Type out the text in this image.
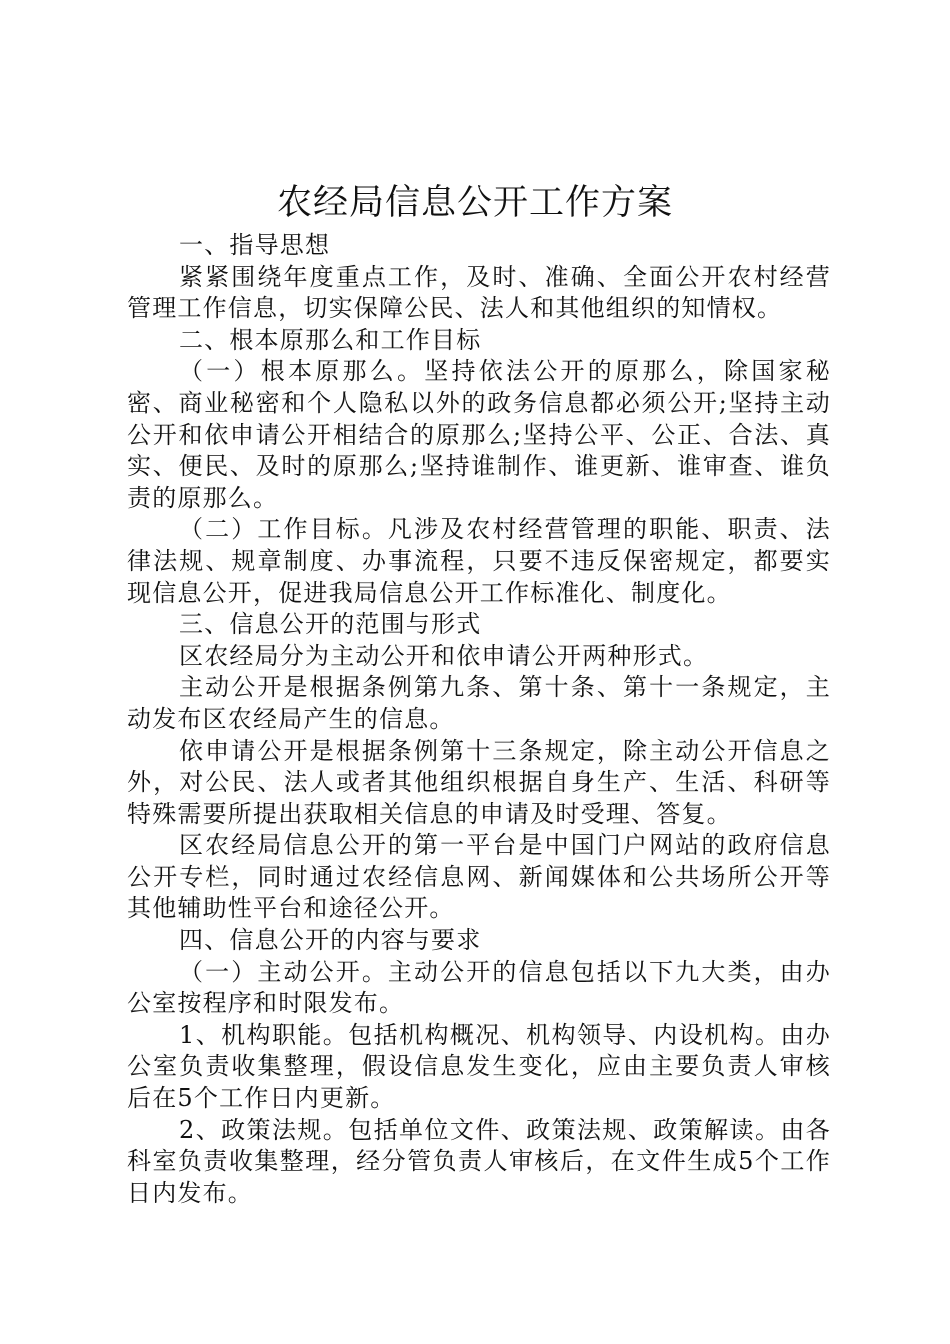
农经局信息公开工作方案

一、指导思想

紧紧围绕年度重点工作，及时、准确、全面公开农村经营管理工作信息，切实保障公民、法人和其他组织的知情权。

二、根本原那么和工作目标

（一）根本原那么。坚持依法公开的原那么，除国家秘密、商业秘密和个人隐私以外的政务信息都必须公开;坚持主动公开和依申请公开相结合的原那么;坚持公平、公正、合法、真实、便民、及时的原那么;坚持谁制作、谁更新、谁审查、谁负责的原那么。

（二）工作目标。凡涉及农村经营管理的职能、职责、法律法规、规章制度、办事流程，只要不违反保密规定，都要实现信息公开，促进我局信息公开工作标准化、制度化。

三、信息公开的范围与形式

区农经局分为主动公开和依申请公开两种形式。

主动公开是根据条例第九条、第十条、第十一条规定，主动发布区农经局产生的信息。

依申请公开是根据条例第十三条规定，除主动公开信息之外，对公民、法人或者其他组织根据自身生产、生活、科研等特殊需要所提出获取相关信息的申请及时受理、答复。

区农经局信息公开的第一平台是中国门户网站的政府信息公开专栏，同时通过农经信息网、新闻媒体和公共场所公开等其他辅助性平台和途径公开。

四、信息公开的内容与要求

（一）主动公开。主动公开的信息包括以下九大类，由办公室按程序和时限发布。

1、机构职能。包括机构概况、机构领导、内设机构。由办公室负责收集整理，假设信息发生变化，应由主要负责人审核后在5个工作日内更新。

2、政策法规。包括单位文件、政策法规、政策解读。由各科室负责收集整理，经分管负责人审核后，在文件生成5个工作日内发布。
